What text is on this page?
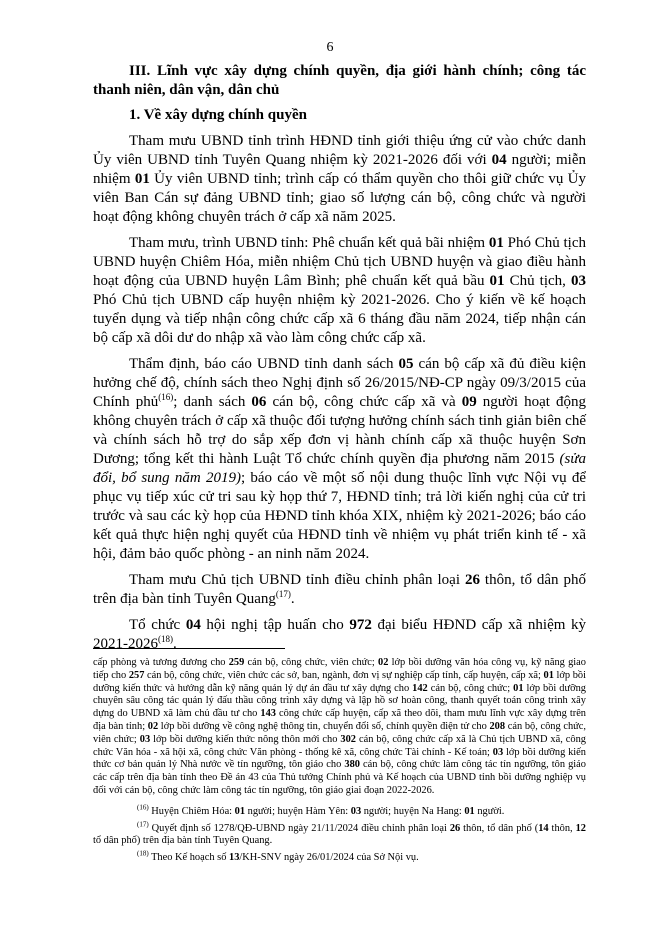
6

III. Lĩnh vực xây dựng chính quyền, địa giới hành chính; công tác thanh niên, dân vận, dân chủ

1. Về xây dựng chính quyền

Tham mưu UBND tỉnh trình HĐND tỉnh giới thiệu ứng cử vào chức danh Ủy viên UBND tỉnh Tuyên Quang nhiệm kỳ 2021-2026 đối với 04 người; miễn nhiệm 01 Ủy viên UBND tỉnh; trình cấp có thẩm quyền cho thôi giữ chức vụ Ủy viên Ban Cán sự đảng UBND tỉnh; giao số lượng cán bộ, công chức và người hoạt động không chuyên trách ở cấp xã năm 2025.

Tham mưu, trình UBND tỉnh: Phê chuẩn kết quả bãi nhiệm 01 Phó Chủ tịch UBND huyện Chiêm Hóa, miễn nhiệm Chủ tịch UBND huyện và giao điều hành hoạt động của UBND huyện Lâm Bình; phê chuẩn kết quả bầu 01 Chủ tịch, 03 Phó Chủ tịch UBND cấp huyện nhiệm kỳ 2021-2026. Cho ý kiến về kế hoạch tuyển dụng và tiếp nhận công chức cấp xã 6 tháng đầu năm 2024, tiếp nhận cán bộ cấp xã dôi dư do nhập xã vào làm công chức cấp xã.

Thẩm định, báo cáo UBND tỉnh danh sách 05 cán bộ cấp xã đủ điều kiện hưởng chế độ, chính sách theo Nghị định số 26/2015/NĐ-CP ngày 09/3/2015 của Chính phủ$^{(16)}$; danh sách 06 cán bộ, công chức cấp xã và 09 người hoạt động không chuyên trách ở cấp xã thuộc đối tượng hưởng chính sách tinh giản biên chế và chính sách hỗ trợ do sắp xếp đơn vị hành chính cấp xã thuộc huyện Sơn Dương; tổng kết thi hành Luật Tổ chức chính quyền địa phương năm 2015 (sửa đổi, bổ sung năm 2019); báo cáo về một số nội dung thuộc lĩnh vực Nội vụ để phục vụ tiếp xúc cử tri sau kỳ họp thứ 7, HĐND tỉnh; trả lời kiến nghị của cử tri trước và sau các kỳ họp của HĐND tỉnh khóa XIX, nhiệm kỳ 2021-2026; báo cáo kết quả thực hiện nghị quyết của HĐND tỉnh về nhiệm vụ phát triển kinh tế - xã hội, đảm bảo quốc phòng - an ninh năm 2024.

Tham mưu Chủ tịch UBND tỉnh điều chỉnh phân loại 26 thôn, tổ dân phố trên địa bàn tỉnh Tuyên Quang$^{(17)}$.

Tổ chức 04 hội nghị tập huấn cho 972 đại biểu HĐND cấp xã nhiệm kỳ 2021-2026$^{(18)}$.

cấp phòng và tương đương cho 259 cán bộ, công chức, viên chức; 02 lớp bồi dưỡng văn hóa công vụ, kỹ năng giao tiếp cho 257 cán bộ, công chức, viên chức các sở, ban, ngành, đơn vị sự nghiệp cấp tỉnh, cấp huyện, cấp xã; 01 lớp bồi dưỡng kiến thức và hướng dẫn kỹ năng quản lý dự án đầu tư xây dựng cho 142 cán bộ, công chức; 01 lớp bồi dưỡng chuyên sâu công tác quản lý đấu thầu công trình xây dựng và lập hồ sơ hoàn công, thanh quyết toán công trình xây dựng do UBND xã làm chủ đầu tư cho 143 công chức cấp huyện, cấp xã theo dõi, tham mưu lĩnh vực xây dựng trên địa bàn tỉnh; 02 lớp bồi dưỡng về công nghệ thông tin, chuyển đổi số, chính quyền điện tử cho 208 cán bộ, công chức, viên chức; 03 lớp bồi dưỡng kiến thức nông thôn mới cho 302 cán bộ, công chức cấp xã là Chủ tịch UBND xã, công chức Văn hóa - xã hội xã, công chức Văn phòng - thống kê xã, công chức Tài chính - Kế toán; 03 lớp bồi dưỡng kiến thức cơ bản quản lý Nhà nước về tín ngưỡng, tôn giáo cho 380 cán bộ, công chức làm công tác tín ngưỡng, tôn giáo các cấp trên địa bàn tỉnh theo Đề án 43 của Thủ tướng Chính phủ và Kế hoạch của UBND tỉnh bồi dưỡng nghiệp vụ đối với cán bộ, công chức làm công tác tín ngưỡng, tôn giáo giai đoạn 2022-2026.

$^{(16)}$ Huyện Chiêm Hóa: 01 người; huyện Hàm Yên: 03 người; huyện Na Hang: 01 người.

$^{(17)}$ Quyết định số 1278/QĐ-UBND ngày 21/11/2024 điều chỉnh phân loại 26 thôn, tổ dân phố (14 thôn, 12 tổ dân phố) trên địa bàn tỉnh Tuyên Quang.

$^{(18)}$ Theo Kế hoạch số 13/KH-SNV ngày 26/01/2024 của Sở Nội vụ.
